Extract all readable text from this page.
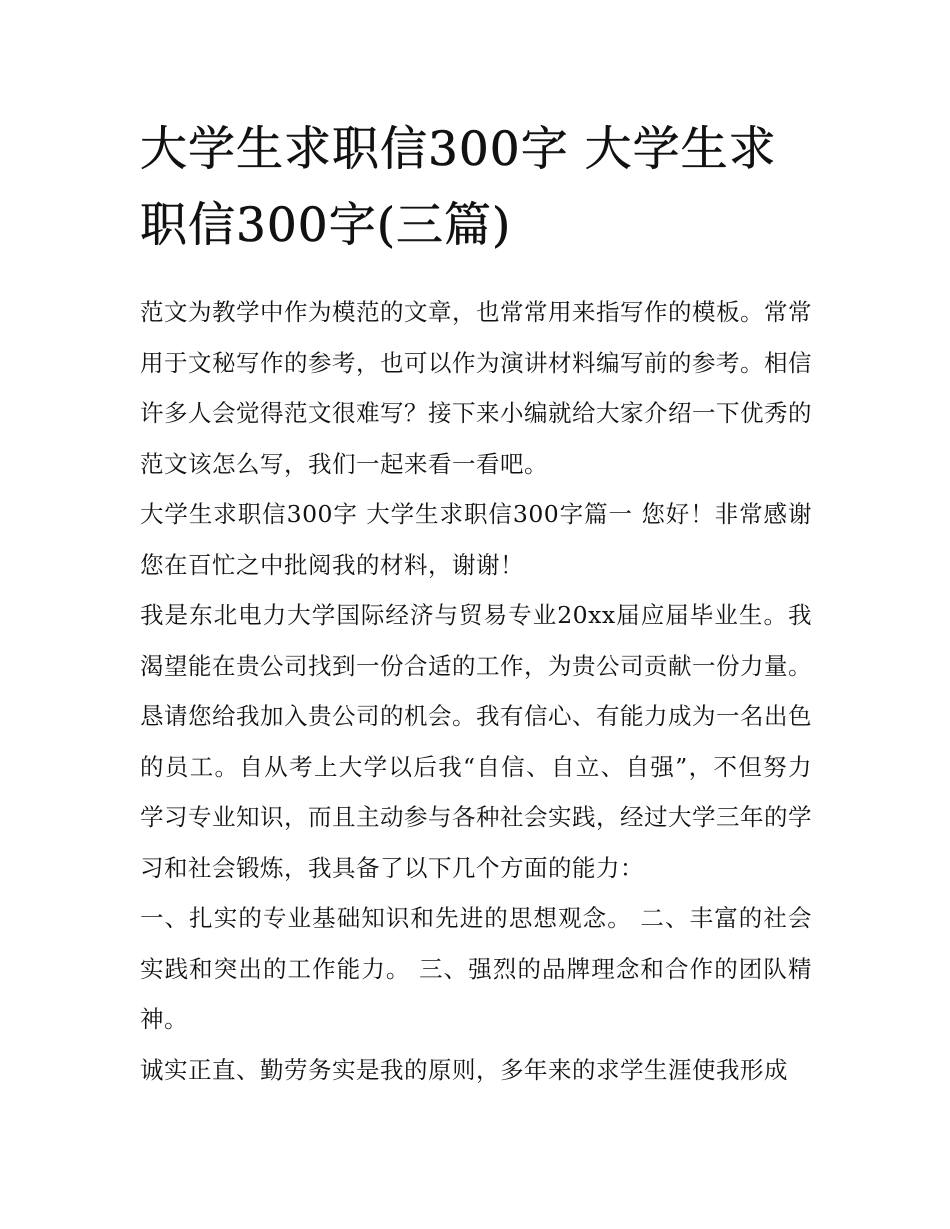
大学生求职信300字 大学生求职信300字(三篇)

范文为教学中作为模范的文章，也常常用来指写作的模板。常常用于文秘写作的参考，也可以作为演讲材料编写前的参考。相信许多人会觉得范文很难写？接下来小编就给大家介绍一下优秀的范文该怎么写，我们一起来看一看吧。

大学生求职信300字 大学生求职信300字篇一 您好！非常感谢您在百忙之中批阅我的材料，谢谢！

我是东北电力大学国际经济与贸易专业20xx届应届毕业生。我渴望能在贵公司找到一份合适的工作，为贵公司贡献一份力量。恳请您给我加入贵公司的机会。我有信心、有能力成为一名出色的员工。自从考上大学以后我“自信、自立、自强”，不但努力学习专业知识，而且主动参与各种社会实践，经过大学三年的学习和社会锻炼，我具备了以下几个方面的能力：

一、扎实的专业基础知识和先进的思想观念。 二、丰富的社会实践和突出的工作能力。 三、强烈的品牌理念和合作的团队精神。

诚实正直、勤劳务实是我的原则，多年来的求学生涯使我形成
